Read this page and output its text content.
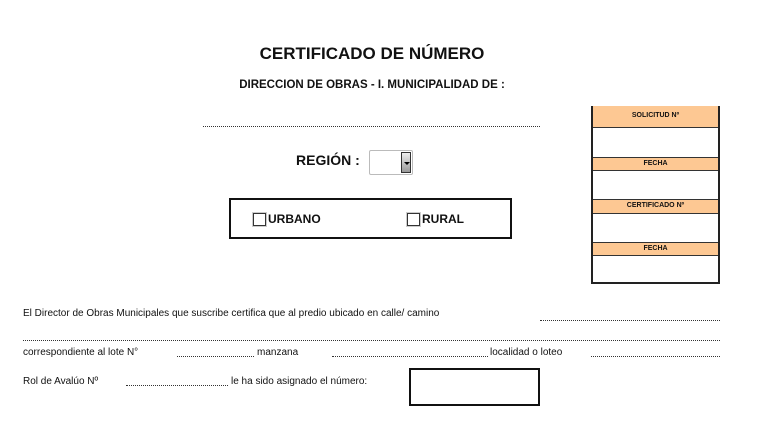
CERTIFICADO DE NÚMERO
DIRECCION DE OBRAS - I. MUNICIPALIDAD DE :
REGIÓN :
URBANO	RURAL
SOLICITUD Nº
FECHA
CERTIFICADO Nº
FECHA
El Director de Obras Municipales que suscribe certifica que al predio ubicado en calle/ camino
correspondiente al lote N°	manzana	localidad o loteo
Rol de Avalúo Nº	le ha sido asignado el número:
